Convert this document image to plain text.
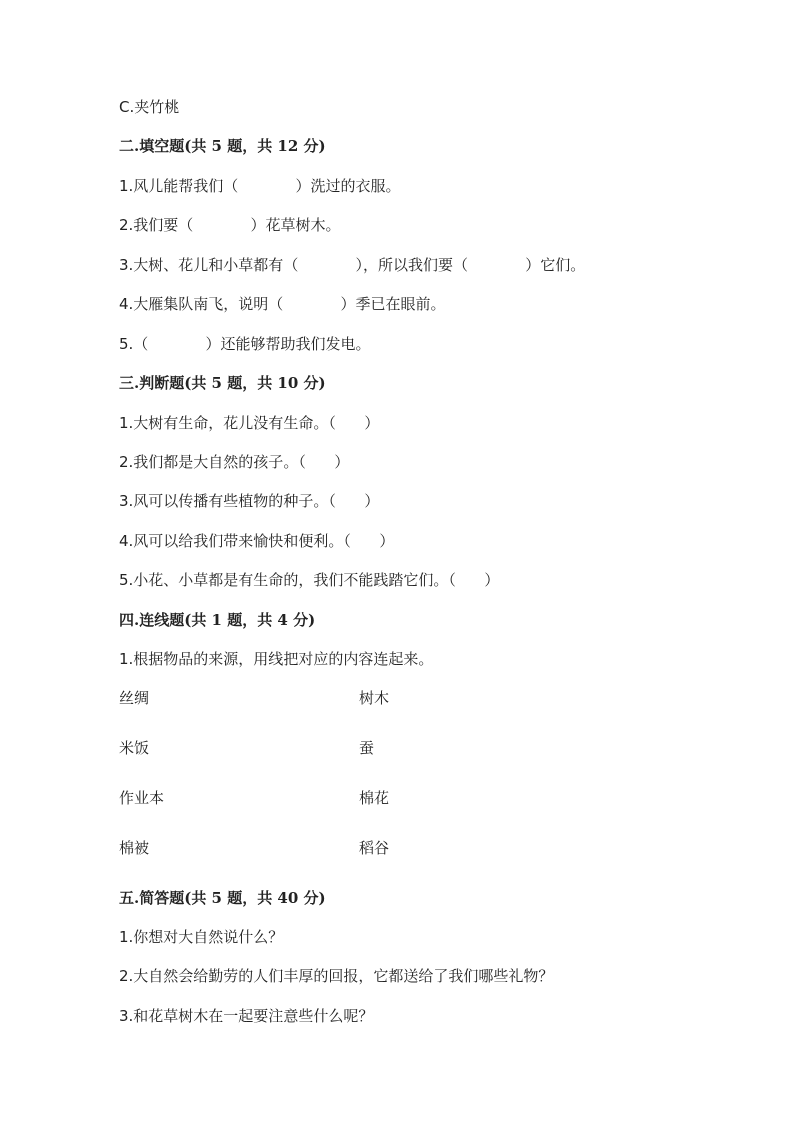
C.夹竹桃
二.填空题(共 5 题，共 12 分)
1.风儿能帮我们（            ）洗过的衣服。
2.我们要（            ）花草树木。
3.大树、花儿和小草都有（            ），所以我们要（            ）它们。
4.大雁集队南飞，说明（            ）季已在眼前。
5.（            ）还能够帮助我们发电。
三.判断题(共 5 题，共 10 分)
1.大树有生命，花儿没有生命。（      ）
2.我们都是大自然的孩子。（      ）
3.风可以传播有些植物的种子。（      ）
4.风可以给我们带来愉快和便利。（      ）
5.小花、小草都是有生命的，我们不能践踏它们。（      ）
四.连线题(共 1 题，共 4 分)
1.根据物品的来源，用线把对应的内容连起来。
丝绸	树木
米饭	蚕
作业本	棉花
棉被	稻谷
五.简答题(共 5 题，共 40 分)
1.你想对大自然说什么？
2.大自然会给勤劳的人们丰厚的回报，它都送给了我们哪些礼物？
3.和花草树木在一起要注意些什么呢？
